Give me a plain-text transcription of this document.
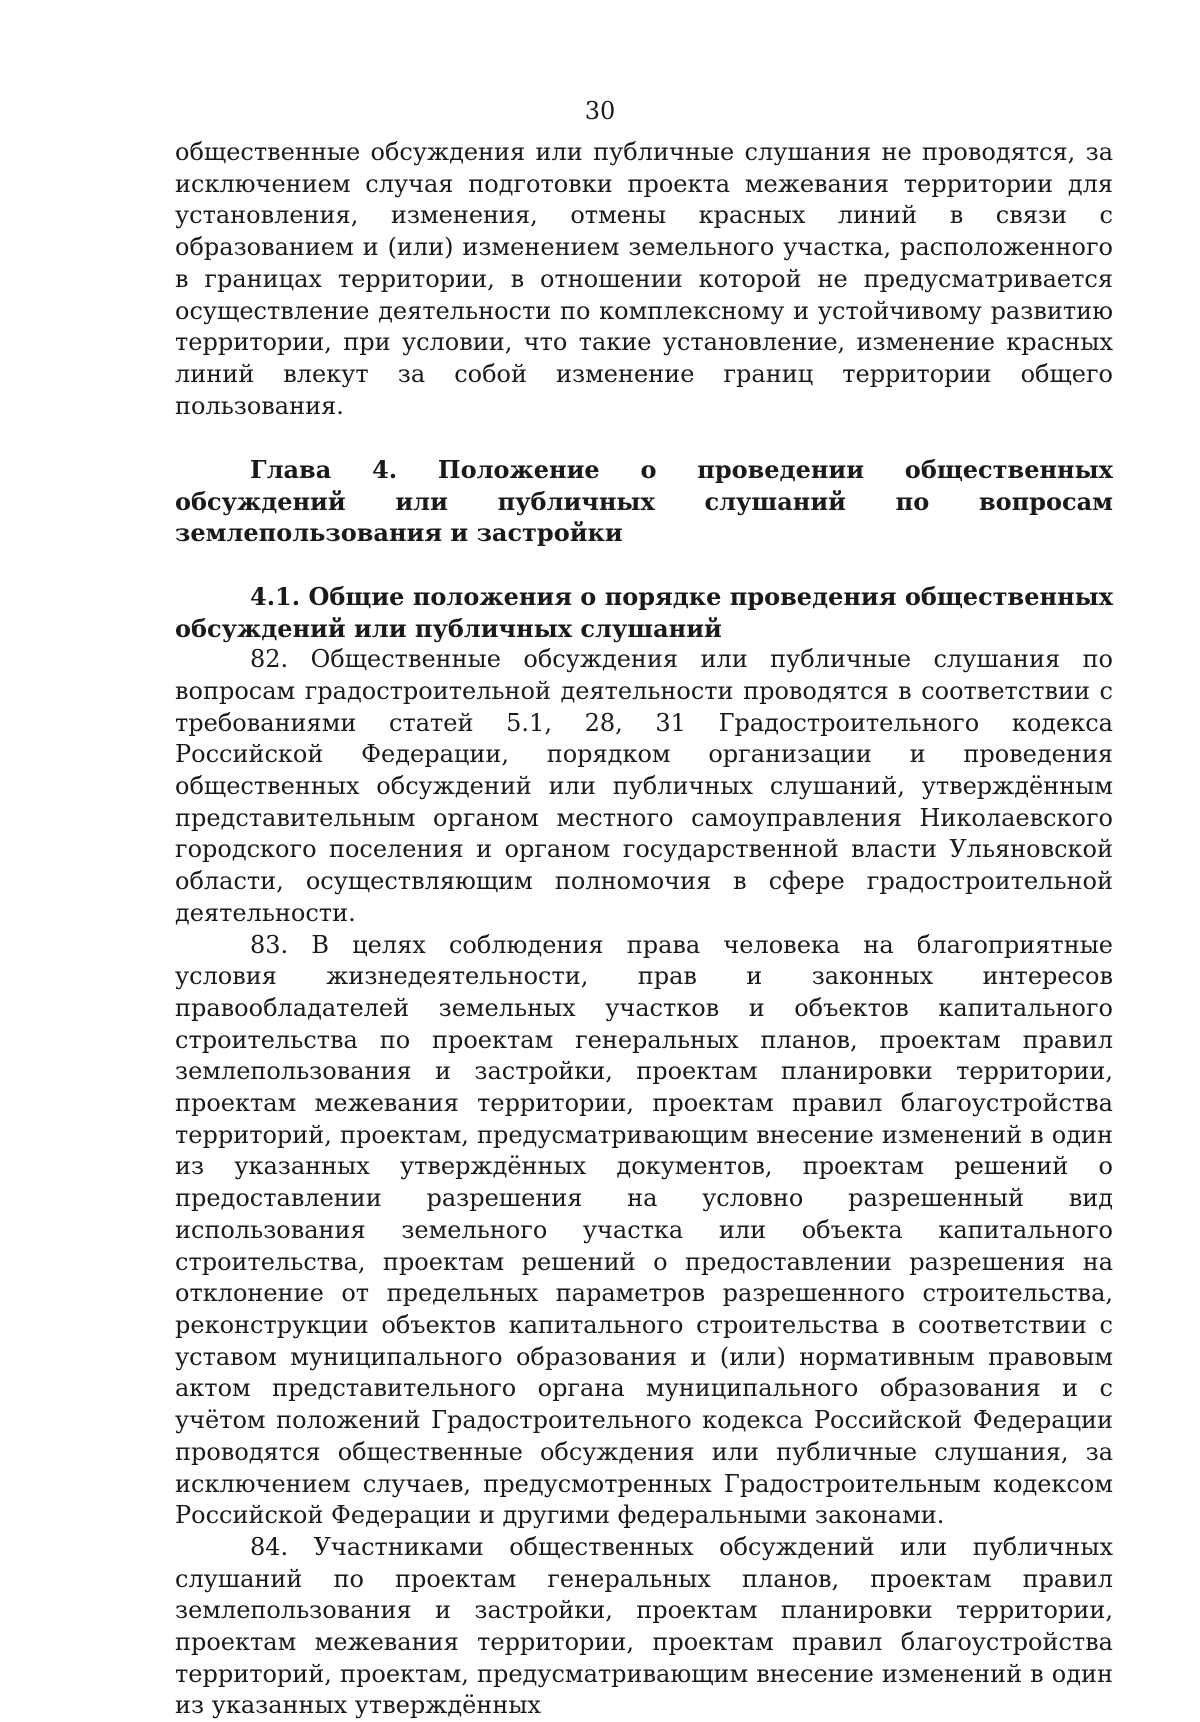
30

общественные обсуждения или публичные слушания не проводятся, за исключением случая подготовки проекта межевания территории для установления, изменения, отмены красных линий в связи с образованием и (или) изменением земельного участка, расположенного в границах территории, в отношении которой не предусматривается осуществление деятельности по комплексному и устойчивому развитию территории, при условии, что такие установление, изменение красных линий влекут за собой изменение границ территории общего пользования.

Глава 4. Положение о проведении общественных обсуждений или публичных слушаний по вопросам землепользования и застройки
4.1. Общие положения о порядке проведения общественных обсуждений или публичных слушаний

82. Общественные обсуждения или публичные слушания по вопросам градостроительной деятельности проводятся в соответствии с требованиями статей 5.1, 28, 31 Градостроительного кодекса Российской Федерации, порядком организации и проведения общественных обсуждений или публичных слушаний, утверждённым представительным органом местного самоуправления Николаевского городского поселения и органом государственной власти Ульяновской области, осуществляющим полномочия в сфере градостроительной деятельности.

83. В целях соблюдения права человека на благоприятные условия жизнедеятельности, прав и законных интересов правообладателей земельных участков и объектов капитального строительства по проектам генеральных планов, проектам правил землепользования и застройки, проектам планировки территории, проектам межевания территории, проектам правил благоустройства территорий, проектам, предусматривающим внесение изменений в один из указанных утверждённых документов, проектам решений о предоставлении разрешения на условно разрешенный вид использования земельного участка или объекта капитального строительства, проектам решений о предоставлении разрешения на отклонение от предельных параметров разрешенного строительства, реконструкции объектов капитального строительства в соответствии с уставом муниципального образования и (или) нормативным правовым актом представительного органа муниципального образования и с учётом положений Градостроительного кодекса Российской Федерации проводятся общественные обсуждения или публичные слушания, за исключением случаев, предусмотренных Градостроительным кодексом Российской Федерации и другими федеральными законами.

84. Участниками общественных обсуждений или публичных слушаний по проектам генеральных планов, проектам правил землепользования и застройки, проектам планировки территории, проектам межевания территории, проектам правил благоустройства территорий, проектам, предусматривающим внесение изменений в один из указанных утверждённых
